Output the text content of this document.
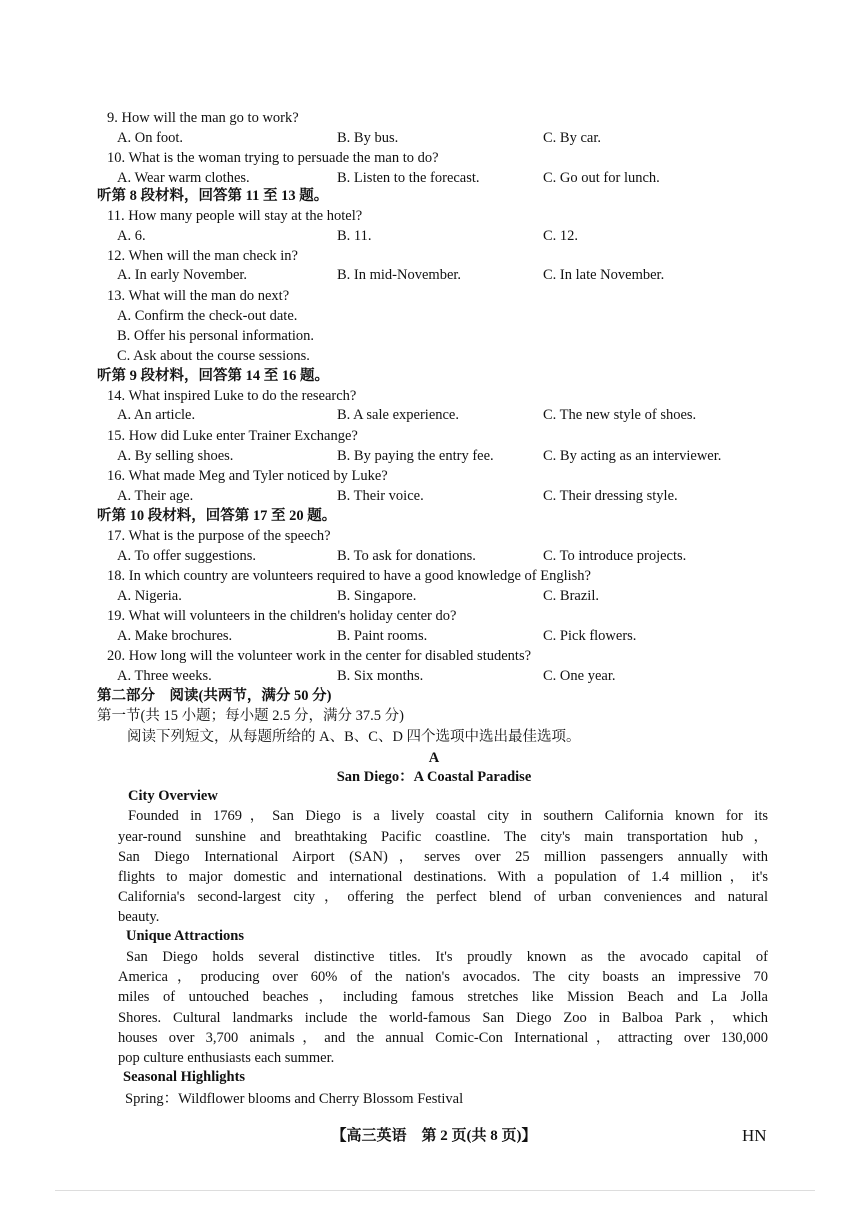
9. How will the man go to work?
A. On foot.	B. By bus.	C. By car.
10. What is the woman trying to persuade the man to do?
A. Wear warm clothes.	B. Listen to the forecast.	C. Go out for lunch.
听第 8 段材料，回答第 11 至 13 题。
11. How many people will stay at the hotel?
A. 6.	B. 11.	C. 12.
12. When will the man check in?
A. In early November.	B. In mid-November.	C. In late November.
13. What will the man do next?
A. Confirm the check-out date.
B. Offer his personal information.
C. Ask about the course sessions.
听第 9 段材料，回答第 14 至 16 题。
14. What inspired Luke to do the research?
A. An article.	B. A sale experience.	C. The new style of shoes.
15. How did Luke enter Trainer Exchange?
A. By selling shoes.	B. By paying the entry fee.	C. By acting as an interviewer.
16. What made Meg and Tyler noticed by Luke?
A. Their age.	B. Their voice.	C. Their dressing style.
听第 10 段材料，回答第 17 至 20 题。
17. What is the purpose of the speech?
A. To offer suggestions.	B. To ask for donations.	C. To introduce projects.
18. In which country are volunteers required to have a good knowledge of English?
A. Nigeria.	B. Singapore.	C. Brazil.
19. What will volunteers in the children's holiday center do?
A. Make brochures.	B. Paint rooms.	C. Pick flowers.
20. How long will the volunteer work in the center for disabled students?
A. Three weeks.	B. Six months.	C. One year.
第二部分　阅读(共两节，满分 50 分)
第一节(共 15 小题；每小题 2.5 分，满分 37.5 分)
阅读下列短文，从每题所给的 A、B、C、D 四个选项中选出最佳选项。
A
San Diego：A Coastal Paradise
City Overview
Founded in 1769，San Diego is a lively coastal city in southern California known for its
year-round sunshine and breathtaking Pacific coastline. The city's main transportation hub，
San Diego International Airport (SAN)，serves over 25 million passengers annually with
flights to major domestic and international destinations. With a population of 1.4 million，it's
California's second-largest city，offering the perfect blend of urban conveniences and natural
beauty.
Unique Attractions
San Diego holds several distinctive titles. It's proudly known as the avocado capital of
America，producing over 60% of the nation's avocados. The city boasts an impressive 70
miles of untouched beaches，including famous stretches like Mission Beach and La Jolla
Shores. Cultural landmarks include the world-famous San Diego Zoo in Balboa Park，which
houses over 3,700 animals，and the annual Comic-Con International，attracting over 130,000
pop culture enthusiasts each summer.
Seasonal Highlights
Spring：Wildflower blooms and Cherry Blossom Festival
【高三英语　第 2 页(共 8 页)】	HN
